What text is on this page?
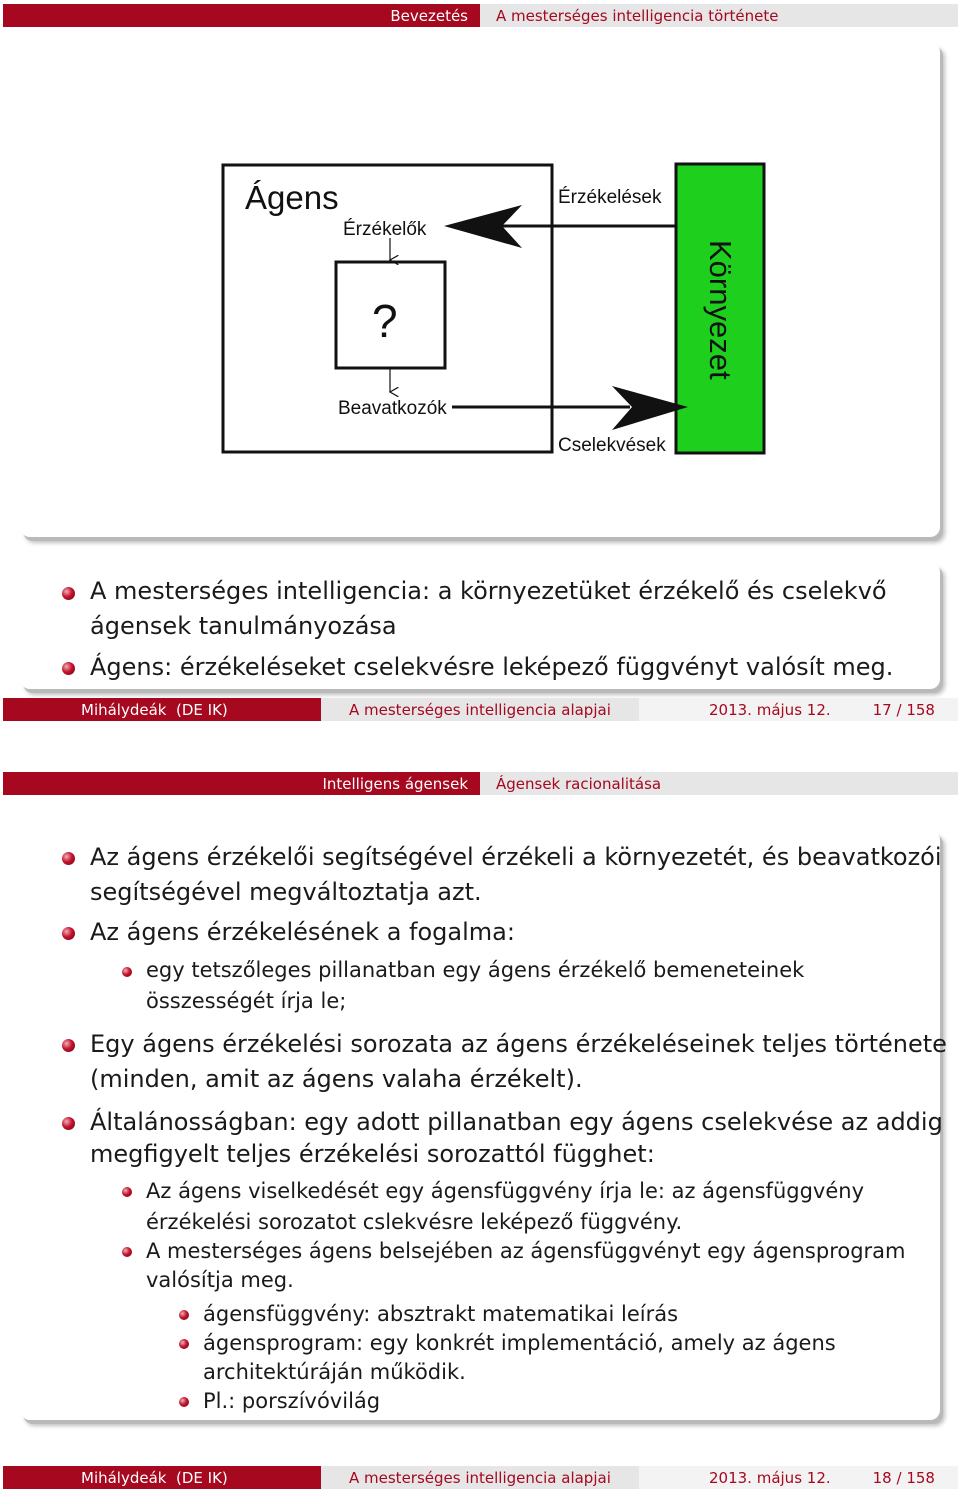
Bevezetés A mesterséges intelligencia története
Ágens
Érzékelők
?
Beavatkozók
Érzékelések
Cselekvések
Környezet
A mesterséges intelligencia: a környezetüket érzékelő és cselekvő
ágensek tanulmányozása
Ágens: érzékeléseket cselekvésre leképező függvényt valósít meg.
Mihálydeák  (DE IK)	A mesterséges intelligencia alapjai	2013. május 12.	17 / 158
Intelligens ágensek Ágensek racionalitása
Az ágens érzékelői segítségével érzékeli a környezetét, és beavatkozói
segítségével megváltoztatja azt.
Az ágens érzékelésének a fogalma:
egy tetszőleges pillanatban egy ágens érzékelő bemeneteinek
összességét írja le;
Egy ágens érzékelési sorozata az ágens érzékeléseinek teljes története
(minden, amit az ágens valaha érzékelt).
Általánosságban: egy adott pillanatban egy ágens cselekvése az addig
megfigyelt teljes érzékelési sorozattól függhet:
Az ágens viselkedését egy ágensfüggvény írja le: az ágensfüggvény
érzékelési sorozatot cslekvésre leképező függvény.
A mesterséges ágens belsejében az ágensfüggvényt egy ágensprogram
valósítja meg.
ágensfüggvény: absztrakt matematikai leírás
ágensprogram: egy konkrét implementáció, amely az ágens
architektúráján működik.
Pl.: porszívóvilág
Mihálydeák  (DE IK)	A mesterséges intelligencia alapjai	2013. május 12.	18 / 158
